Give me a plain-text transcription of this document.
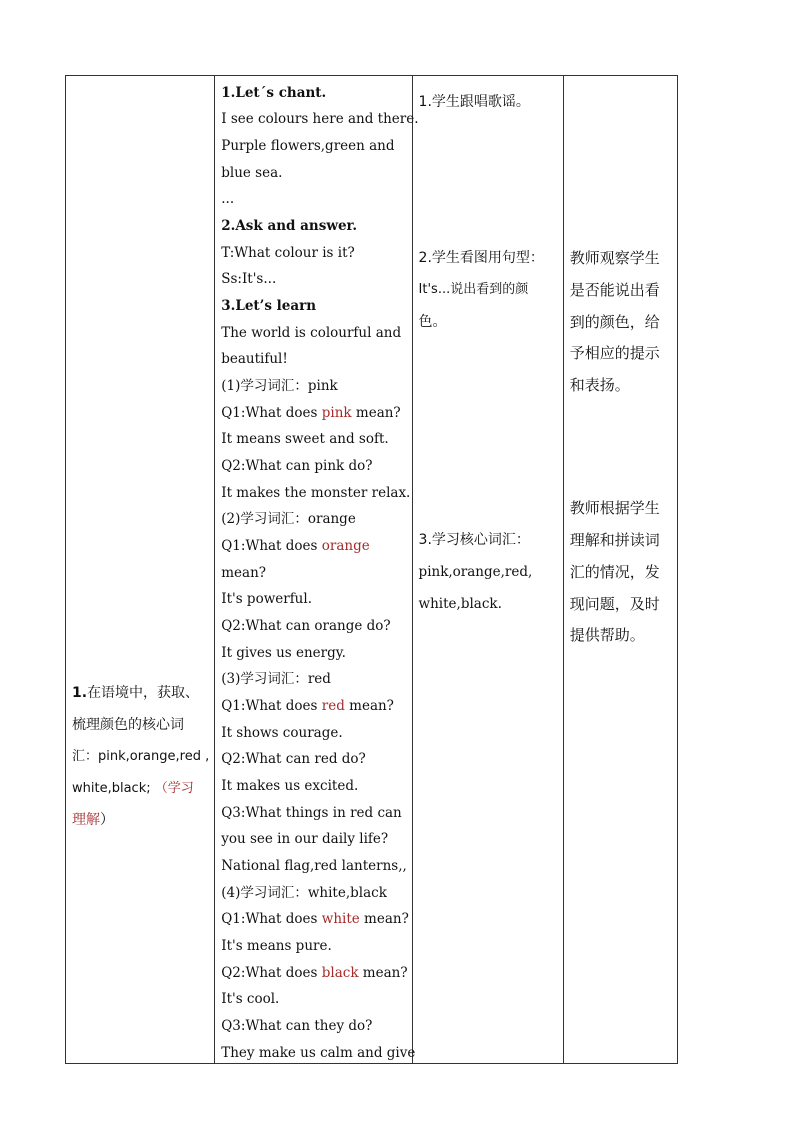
1.在语境中，获取、
梳理颜色的核心词
汇：pink,orange,red ,
white,black; （学习
理解）

1.Let´s chant.
I see colours here and there.
Purple flowers,green and
blue sea.
...
2.Ask and answer.
T:What colour is it?
Ss:It's...
3.Let’s learn
The world is colourful and
beautiful!
(1)学习词汇：pink
Q1:What does pink mean?
It means sweet and soft.
Q2:What can pink do?
It makes the monster relax.
(2)学习词汇：orange
Q1:What does orange
mean?
It's powerful.
Q2:What can orange do?
It gives us energy.
(3)学习词汇：red
Q1:What does red mean?
It shows courage.
Q2:What can red do?
It makes us excited.
Q3:What things in red can
you see in our daily life?
National flag,red lanterns,,
(4)学习词汇：white,black
Q1:What does white mean?
It's means pure.
Q2:What does black mean?
It's cool.
Q3:What can they do?
They make us calm and give

1.学生跟唱歌谣。
2.学生看图用句型：
It's...说出看到的颜
色。
3.学习核心词汇：
pink,orange,red,
white,black.

教师观察学生
是否能说出看
到的颜色，给
予相应的提示
和表扬。
教师根据学生
理解和拼读词
汇的情况，发
现问题，及时
提供帮助。
